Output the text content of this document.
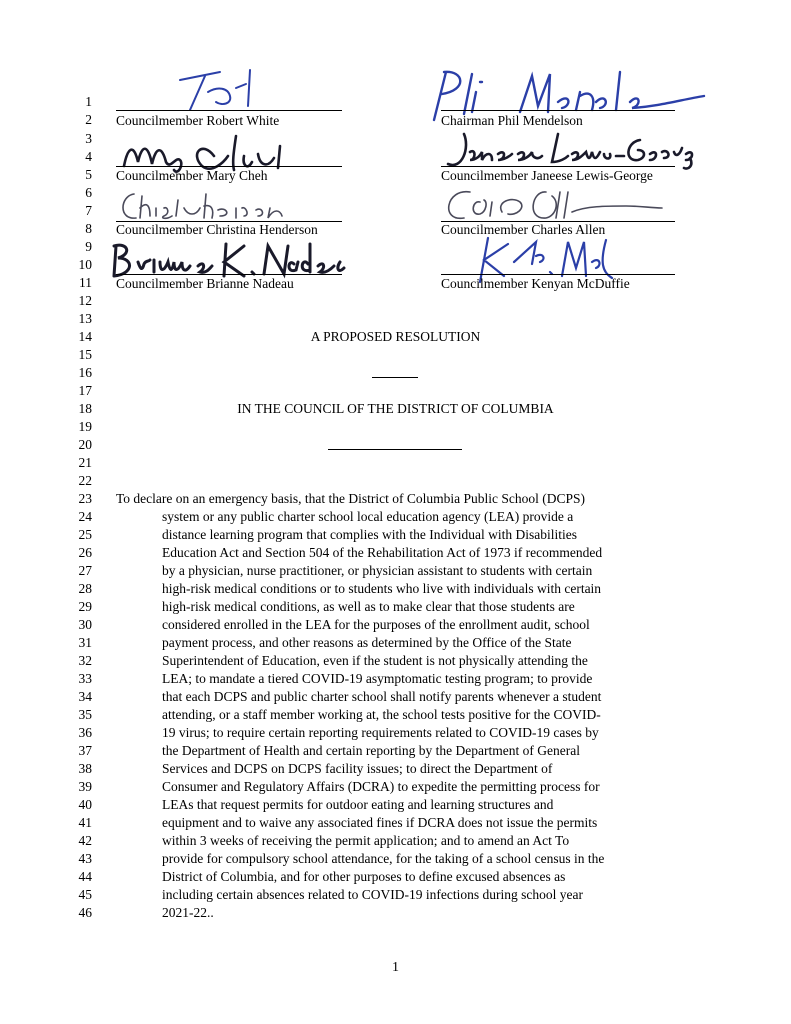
1
2
3
4
5
6
7
8
9
10
11
12
13
14
15
16
17
18
19
20
21
22
23
24
25
26
27
28
29
30
31
32
33
34
35
36
37
38
39
40
41
42
43
44
45
46
Councilmember Robert White
Councilmember Mary Cheh
Councilmember Christina Henderson
Councilmember Brianne Nadeau
Chairman Phil Mendelson
Councilmember Janeese Lewis-George
Councilmember Charles Allen
Councilmember Kenyan McDuffie
A PROPOSED RESOLUTION
IN THE COUNCIL OF THE DISTRICT OF COLUMBIA
To declare on an emergency basis, that the District of Columbia Public School (DCPS)
system or any public charter school local education agency (LEA) provide a
distance learning program that complies with the Individual with Disabilities
Education Act and Section 504 of the Rehabilitation Act of 1973 if recommended
by a physician, nurse practitioner, or physician assistant to students with certain
high-risk medical conditions or to students who live with individuals with certain
high-risk medical conditions, as well as to make clear that those students are
considered enrolled in the LEA for the purposes of the enrollment audit, school
payment process, and other reasons as determined by the Office of the State
Superintendent of Education, even if the student is not physically attending the
LEA; to mandate a tiered COVID-19 asymptomatic testing program; to provide
that each DCPS and public charter school shall notify parents whenever a student
attending, or a staff member working at, the school tests positive for the COVID-
19 virus; to require certain reporting requirements related to COVID-19 cases by
the Department of Health and certain reporting by the Department of General
Services and DCPS on DCPS facility issues; to direct the Department of
Consumer and Regulatory Affairs (DCRA) to expedite the permitting process for
LEAs that request permits for outdoor eating and learning structures and
equipment and to waive any associated fines if DCRA does not issue the permits
within 3 weeks of receiving the permit application; and to amend an Act To
provide for compulsory school attendance, for the taking of a school census in the
District of Columbia, and for other purposes to define excused absences as
including certain absences related to COVID-19 infections during school year
2021-22..
1
